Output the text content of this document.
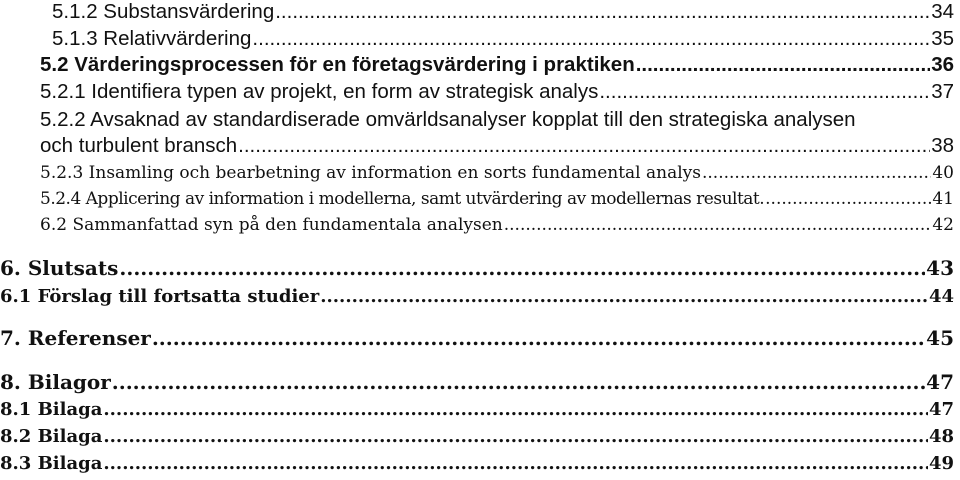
5.1.2 Substansvärdering .....	34
5.1.3 Relativvärdering .....	35
5.2 Värderingsprocessen för en företagsvärdering i praktiken .....	36
5.2.1 Identifiera typen av projekt, en form av strategisk analys .....	37
5.2.2 Avsaknad av standardiserade omvärldsanalyser kopplat till den strategiska analysen
och turbulent bransch .....	38
5.2.3 Insamling och bearbetning av information en sorts fundamental analys .....	40
5.2.4 Applicering av information i modellerna, samt utvärdering av modellernas resultat. .....	41
6.2 Sammanfattad syn på den fundamentala analysen .....	42
6. Slutsats .....	43
6.1 Förslag till fortsatta studier .....	44
7. Referenser .....	45
8. Bilagor .....	47
8.1 Bilaga .....	47
8.2 Bilaga .....	48
8.3 Bilaga .....	49
